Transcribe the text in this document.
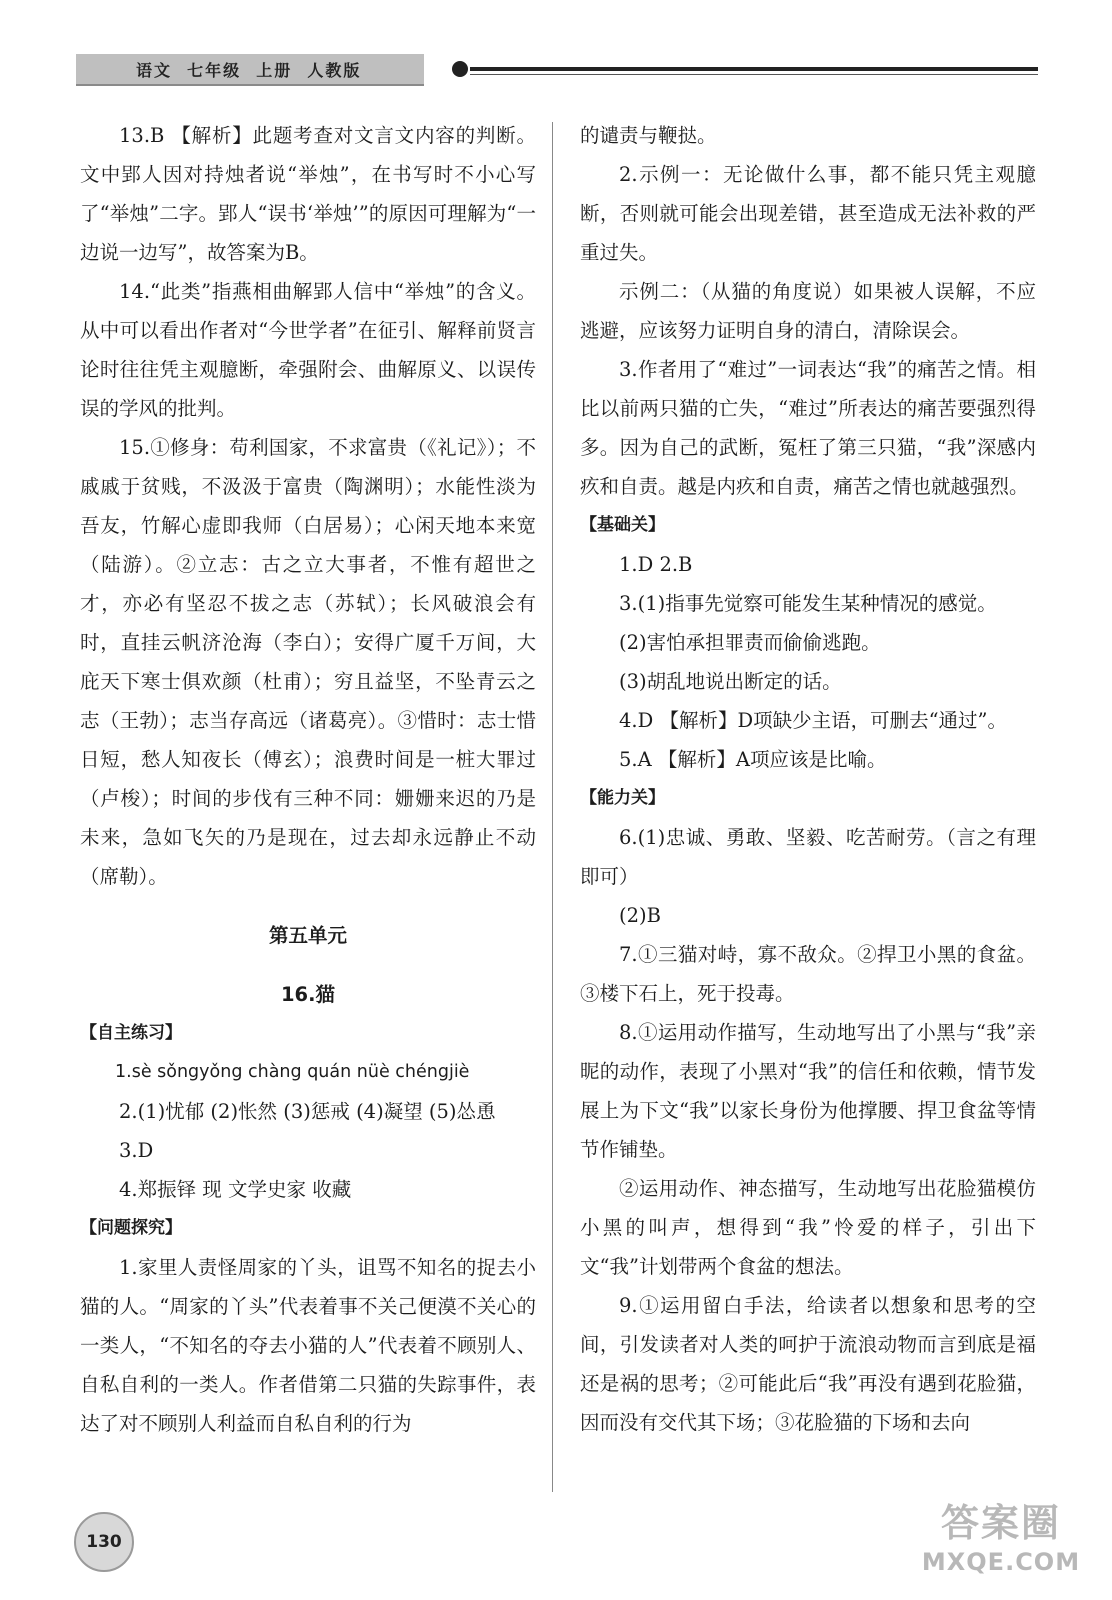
语文  七年级  上册  人教版

13.B 【解析】此题考查对文言文内容的判断。文中郢人因对持烛者说“举烛”，在书写时不小心写了“举烛”二字。郢人“误书‘举烛’”的原因可理解为“一边说一边写”，故答案为B。

14.“此类”指燕相曲解郢人信中“举烛”的含义。从中可以看出作者对“今世学者”在征引、解释前贤言论时往往凭主观臆断，牵强附会、曲解原义、以误传误的学风的批判。

15.①修身：苟利国家，不求富贵（《礼记》）；不戚戚于贫贱，不汲汲于富贵（陶渊明）；水能性淡为吾友，竹解心虚即我师（白居易）；心闲天地本来宽（陆游）。②立志：古之立大事者，不惟有超世之才，亦必有坚忍不拔之志（苏轼）；长风破浪会有时，直挂云帆济沧海（李白）；安得广厦千万间，大庇天下寒士俱欢颜（杜甫）；穷且益坚，不坠青云之志（王勃）；志当存高远（诸葛亮）。③惜时：志士惜日短，愁人知夜长（傅玄）；浪费时间是一桩大罪过（卢梭）；时间的步伐有三种不同：姗姗来迟的乃是未来，急如飞矢的乃是现在，过去却永远静止不动（席勒）。

第五单元

16.猫

【自主练习】

1.sè sǒngyǒng chàng quán nüè chéngjiè

2.(1)忧郁 (2)怅然 (3)惩戒 (4)凝望 (5)怂恿

3.D

4.郑振铎 现 文学史家 收藏

【问题探究】

1.家里人责怪周家的丫头，诅骂不知名的捉去小猫的人。“周家的丫头”代表着事不关己便漠不关心的一类人，“不知名的夺去小猫的人”代表着不顾别人、自私自利的一类人。作者借第二只猫的失踪事件，表达了对不顾别人利益而自私自利的行为

的谴责与鞭挞。

2.示例一：无论做什么事，都不能只凭主观臆断，否则就可能会出现差错，甚至造成无法补救的严重过失。

示例二：（从猫的角度说）如果被人误解，不应逃避，应该努力证明自身的清白，清除误会。

3.作者用了“难过”一词表达“我”的痛苦之情。相比以前两只猫的亡失，“难过”所表达的痛苦要强烈得多。因为自己的武断，冤枉了第三只猫，“我”深感内疚和自责。越是内疚和自责，痛苦之情也就越强烈。

【基础关】

1.D 2.B

3.(1)指事先觉察可能发生某种情况的感觉。

(2)害怕承担罪责而偷偷逃跑。

(3)胡乱地说出断定的话。

4.D 【解析】D项缺少主语，可删去“通过”。

5.A 【解析】A项应该是比喻。

【能力关】

6.(1)忠诚、勇敢、坚毅、吃苦耐劳。（言之有理即可）

(2)B

7.①三猫对峙，寡不敌众。②捍卫小黑的食盆。③楼下石上，死于投毒。

8.①运用动作描写，生动地写出了小黑与“我”亲昵的动作，表现了小黑对“我”的信任和依赖，情节发展上为下文“我”以家长身份为他撑腰、捍卫食盆等情节作铺垫。

②运用动作、神态描写，生动地写出花脸猫模仿小黑的叫声，想得到“我”怜爱的样子，引出下文“我”计划带两个食盆的想法。

9.①运用留白手法，给读者以想象和思考的空间，引发读者对人类的呵护于流浪动物而言到底是福还是祸的思考；②可能此后“我”再没有遇到花脸猫，因而没有交代其下场；③花脸猫的下场和去向

130	答案圈
MXQE.COM
